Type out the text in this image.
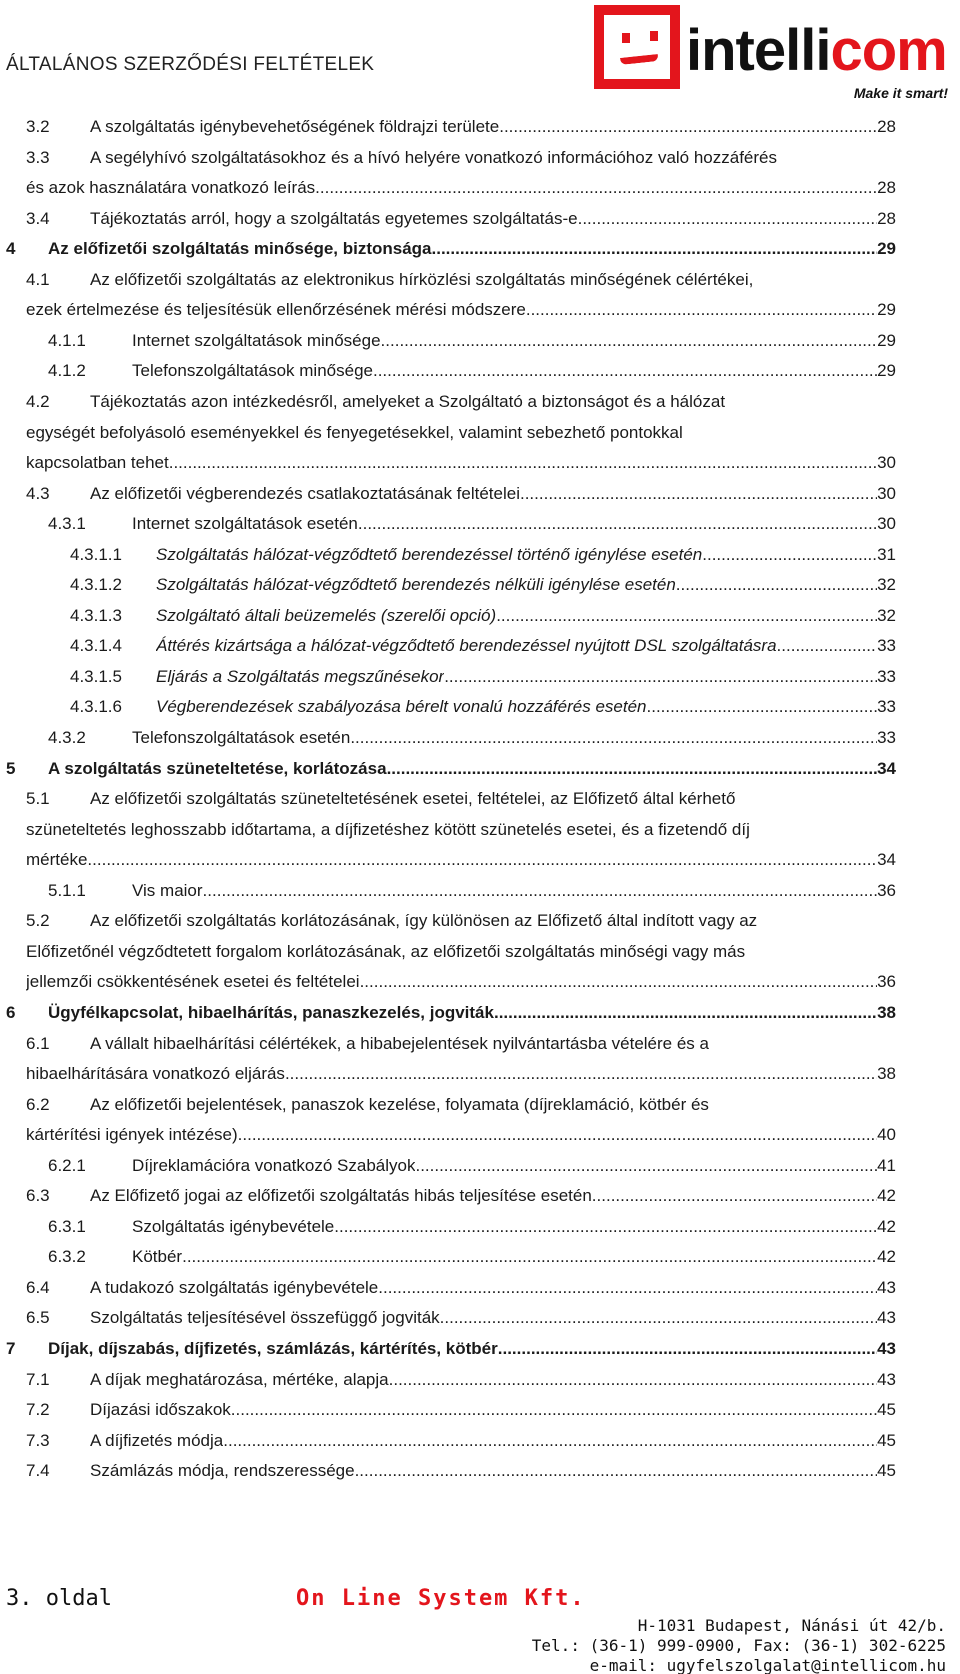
ÁLTALÁNOS SZERZŐDÉSI FELTÉTELEK	intellicom
Make it smart!
3.2 A szolgáltatás igénybevehetőségének földrajzi területe .....	28
3.3 A segélyhívó szolgáltatásokhoz és a hívó helyére vonatkozó információhoz való hozzáférés
és azok használatára vonatkozó leírás .....	28
3.4 Tájékoztatás arról, hogy a szolgáltatás egyetemes szolgáltatás-e .....	28
4 Az előfizetői szolgáltatás minősége, biztonsága .....	29
4.1 Az előfizetői szolgáltatás az elektronikus hírközlési szolgáltatás minőségének célértékei,
ezek értelmezése és teljesítésük ellenőrzésének mérési módszere .....	29
4.1.1	Internet szolgáltatások minősége .....	29
4.1.2	Telefonszolgáltatások minősége .....	29
4.2 Tájékoztatás azon intézkedésről, amelyeket a Szolgáltató a biztonságot és a hálózat
egységét befolyásoló eseményekkel és fenyegetésekkel, valamint sebezhető pontokkal
kapcsolatban tehet .....	30
4.3 Az előfizetői végberendezés csatlakoztatásának feltételei .....	30
4.3.1	Internet szolgáltatások esetén .....	30
4.3.1.1 Szolgáltatás hálózat-végződtető berendezéssel történő igénylése esetén .....	31
4.3.1.2 Szolgáltatás hálózat-végződtető berendezés nélküli igénylése esetén .....	32
4.3.1.3 Szolgáltató általi beüzemelés (szerelői opció) .....	32
4.3.1.4 Áttérés kizártsága a hálózat-végződtető berendezéssel nyújtott DSL szolgáltatásra .....	33
4.3.1.5 Eljárás a Szolgáltatás megszűnésekor .....	33
4.3.1.6 Végberendezések szabályozása bérelt vonalú hozzáférés esetén .....	33
4.3.2	Telefonszolgáltatások esetén .....	33
5 A szolgáltatás szüneteltetése, korlátozása .....	34
5.1 Az előfizetői szolgáltatás szüneteltetésének esetei, feltételei, az Előfizető által kérhető
szüneteltetés leghosszabb időtartama, a díjfizetéshez kötött szünetelés esetei, és a fizetendő díj
mértéke .....	34
5.1.1	Vis maior .....	36
5.2 Az előfizetői szolgáltatás korlátozásának, így különösen az Előfizető által indított vagy az
Előfizetőnél végződtetett forgalom korlátozásának, az előfizetői szolgáltatás minőségi vagy más
jellemzői csökkentésének esetei és feltételei .....	36
6 Ügyfélkapcsolat, hibaelhárítás, panaszkezelés, jogviták .....	38
6.1 A vállalt hibaelhárítási célértékek, a hibabejelentések nyilvántartásba vételére és a
hibaelhárítására vonatkozó eljárás .....	38
6.2 Az előfizetői bejelentések, panaszok kezelése, folyamata (díjreklamáció, kötbér és
kártérítési igények intézése) .....	40
6.2.1	Díjreklamációra vonatkozó Szabályok .....	41
6.3 Az Előfizető jogai az előfizetői szolgáltatás hibás teljesítése esetén .....	42
6.3.1	Szolgáltatás igénybevétele .....	42
6.3.2	Kötbér .....	42
6.4 A tudakozó szolgáltatás igénybevétele .....	43
6.5 Szolgáltatás teljesítésével összefüggő jogviták .....	43
7 Díjak, díjszabás, díjfizetés, számlázás, kártérítés, kötbér .....	43
7.1 A díjak meghatározása, mértéke, alapja .....	43
7.2 Díjazási időszakok .....	45
7.3 A díjfizetés módja .....	45
7.4 Számlázás módja, rendszeressége .....	45
3. oldal	On Line System Kft.
H-1031 Budapest, Nánási út 42/b.
Tel.: (36-1) 999-0900, Fax: (36-1) 302-6225
e-mail: ugyfelszolgalat@intellicom.hu
